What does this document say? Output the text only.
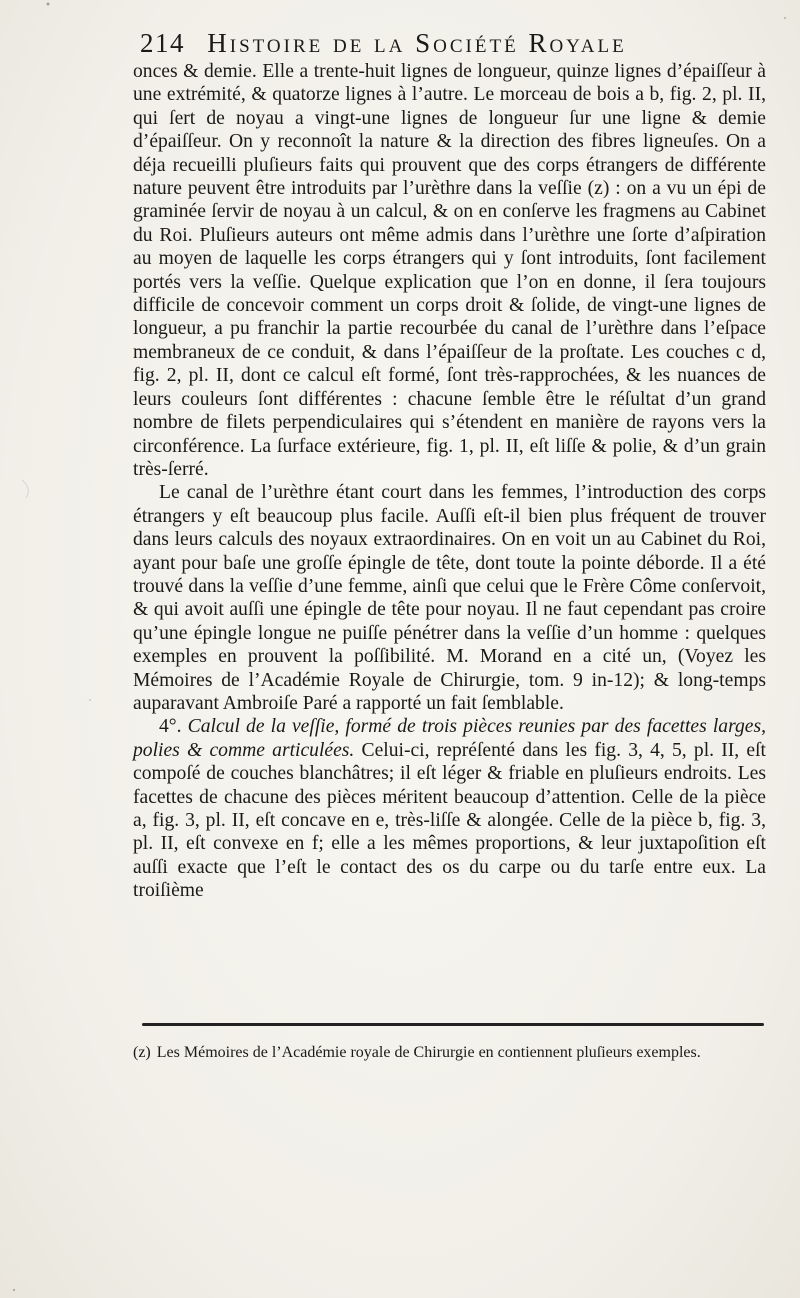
214 Histoire de la Société Royale

onces & demie. Elle a trente-huit lignes de longueur, quinze lignes d’épaiſſeur à une extrémité, & quatorze lignes à l’autre. Le morceau de bois a b, fig. 2, pl. II, qui ſert de noyau a vingt-une lignes de longueur ſur une ligne & demie d’épaiſſeur. On y reconnoît la nature & la direction des fibres ligneuſes. On a déja recueilli pluſieurs faits qui prouvent que des corps étrangers de différente nature peuvent être introduits par l’urèthre dans la veſſie (z) : on a vu un épi de graminée ſervir de noyau à un calcul, & on en conſerve les fragmens au Cabinet du Roi. Pluſieurs auteurs ont même admis dans l’urèthre une ſorte d’aſpiration au moyen de laquelle les corps étrangers qui y ſont introduits, ſont facilement portés vers la veſſie. Quelque explication que l’on en donne, il ſera toujours difficile de concevoir comment un corps droit & ſolide, de vingt-une lignes de longueur, a pu franchir la partie recourbée du canal de l’urèthre dans l’eſpace membraneux de ce conduit, & dans l’épaiſſeur de la proſtate. Les couches c d, fig. 2, pl. II, dont ce calcul eſt formé, ſont très-rapprochées, & les nuances de leurs couleurs ſont différentes : chacune ſemble être le réſultat d’un grand nombre de filets perpendiculaires qui s’étendent en manière de rayons vers la circonférence. La ſurface extérieure, fig. 1, pl. II, eſt liſſe & polie, & d’un grain très-ſerré.

Le canal de l’urèthre étant court dans les femmes, l’introduction des corps étrangers y eſt beaucoup plus facile. Auſſi eſt-il bien plus fréquent de trouver dans leurs calculs des noyaux extraordinaires. On en voit un au Cabinet du Roi, ayant pour baſe une groſſe épingle de tête, dont toute la pointe déborde. Il a été trouvé dans la veſſie d’une femme, ainſi que celui que le Frère Côme conſervoit, & qui avoit auſſi une épingle de tête pour noyau. Il ne faut cependant pas croire qu’une épingle longue ne puiſſe pénétrer dans la veſſie d’un homme : quelques exemples en prouvent la poſſibilité. M. Morand en a cité un, (Voyez les Mémoires de l’Académie Royale de Chirurgie, tom. 9 in-12); & long-temps auparavant Ambroiſe Paré a rapporté un fait ſemblable.

4°. Calcul de la veſſie, formé de trois pièces reunies par des facettes larges, polies & comme articulées. Celui-ci, repréſenté dans les fig. 3, 4, 5, pl. II, eſt compoſé de couches blanchâtres; il eſt léger & friable en pluſieurs endroits. Les facettes de chacune des pièces méritent beaucoup d’attention. Celle de la pièce a, fig. 3, pl. II, eſt concave en e, très-liſſe & alongée. Celle de la pièce b, fig. 3, pl. II, eſt convexe en f; elle a les mêmes proportions, & leur juxtapoſition eſt auſſi exacte que l’eſt le contact des os du carpe ou du tarſe entre eux. La troiſième

(z) Les Mémoires de l’Académie royale de Chirurgie en contiennent pluſieurs exemples.
